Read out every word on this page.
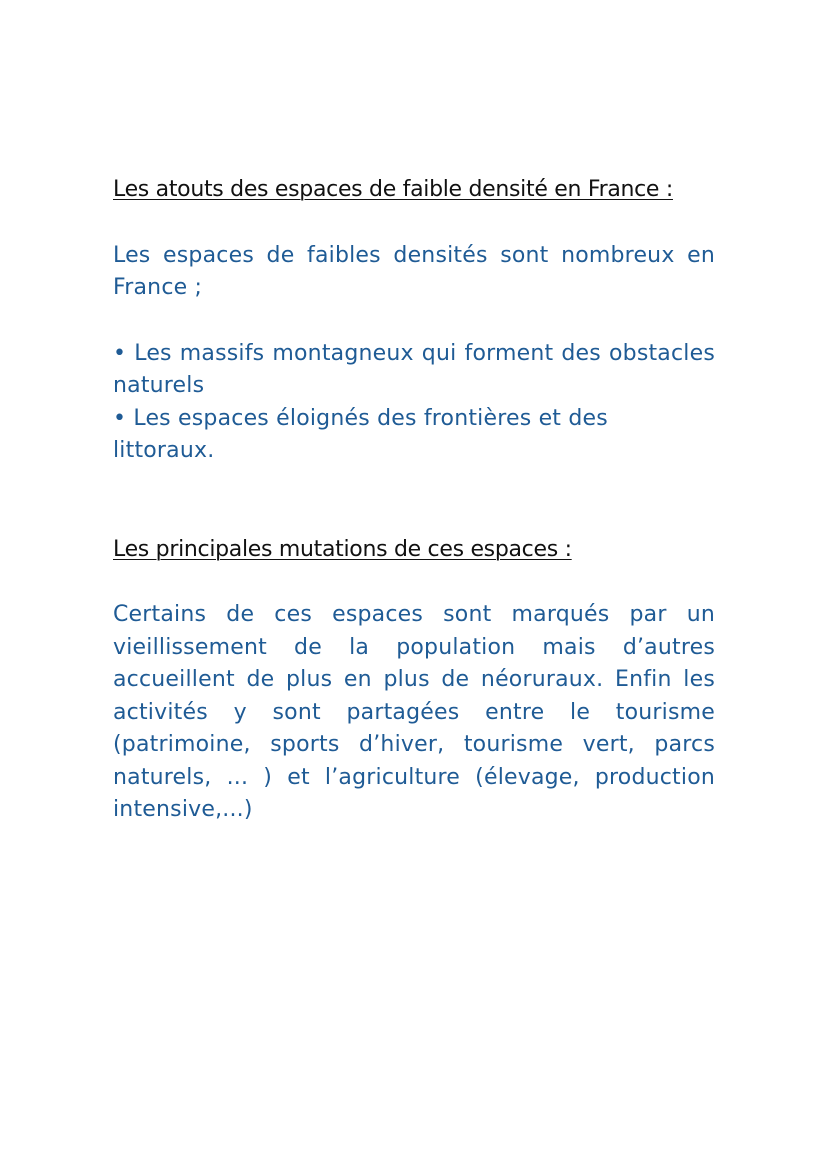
Les atouts des espaces de faible densité en France :

Les espaces de faibles densités sont nombreux en France ;

• Les massifs montagneux qui forment des obstacles naturels
• Les espaces éloignés des frontières et des littoraux.
Les principales mutations de ces espaces :

Certains de ces espaces sont marqués par un vieillissement de la population mais d’autres accueillent de plus en plus de néoruraux. Enfin les activités y sont partagées entre le tourisme (patrimoine, sports d’hiver, tourisme vert, parcs naturels, ... ) et l’agriculture (élevage, production intensive,...)
